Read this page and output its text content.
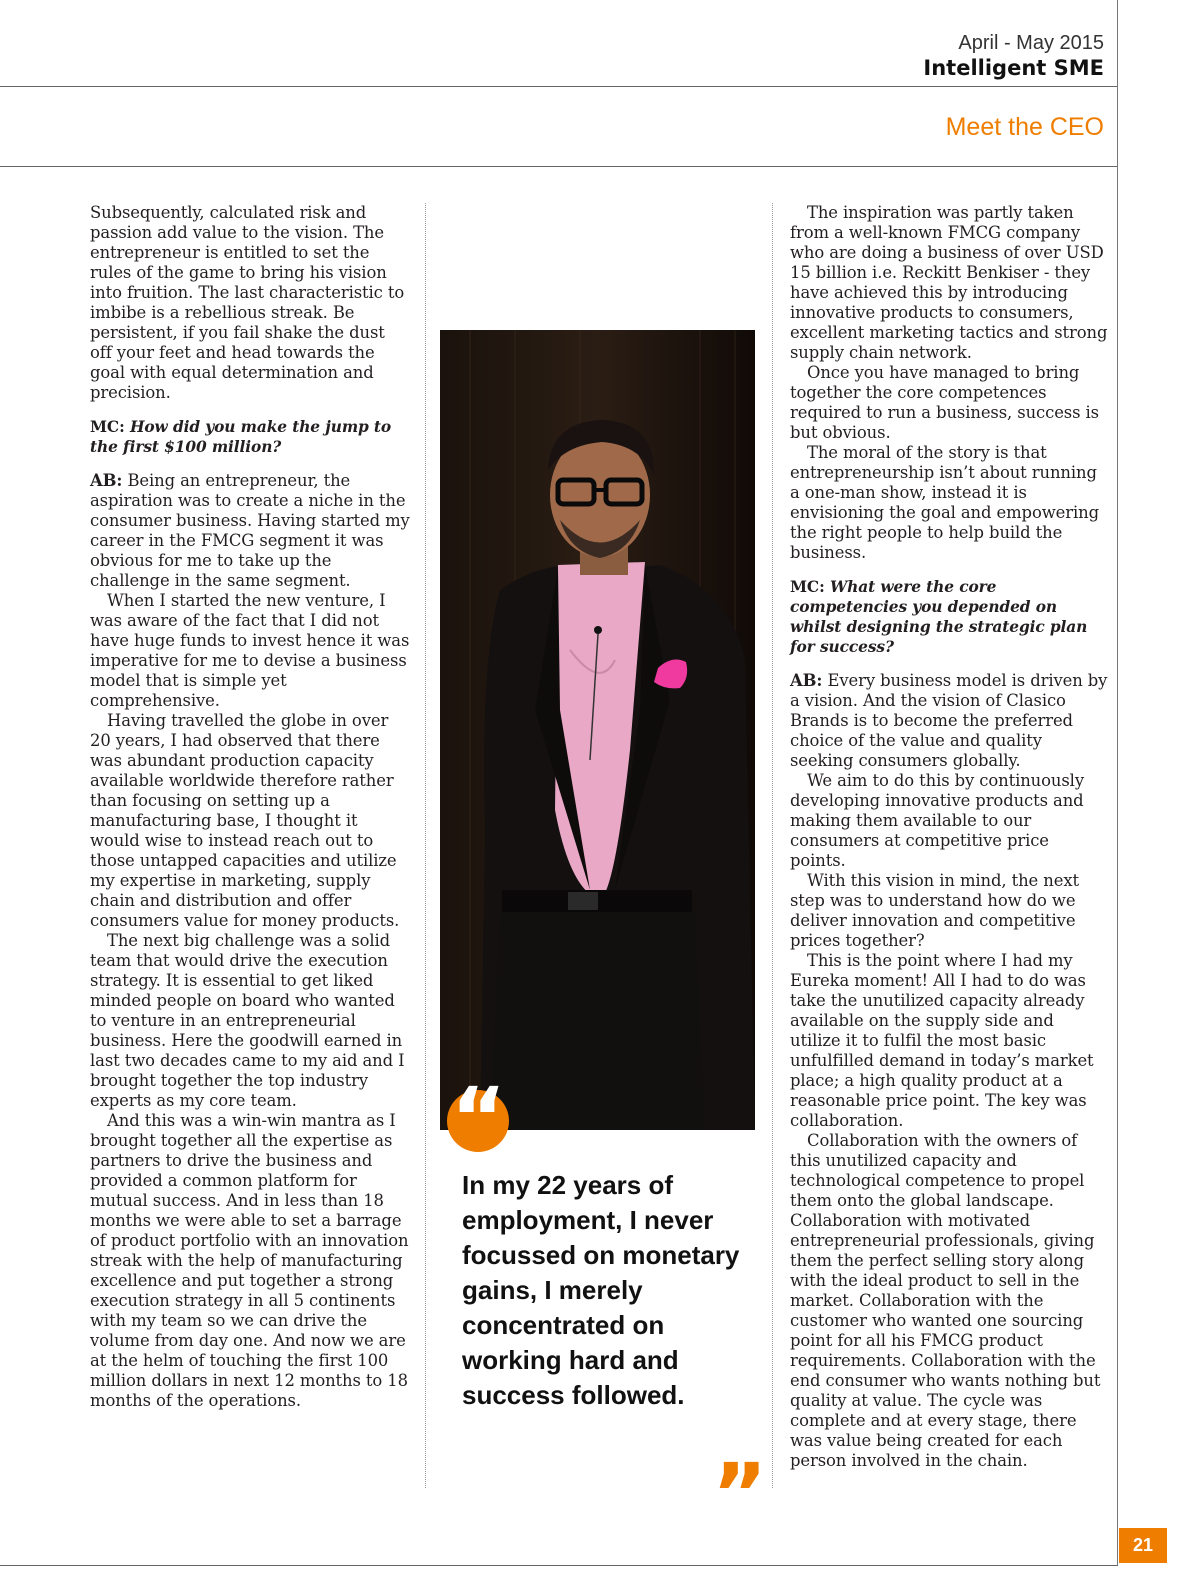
April - May 2015
Intelligent SME
Meet the CEO

Subsequently, calculated risk and passion add value to the vision. The entrepreneur is entitled to set the rules of the game to bring his vision into fruition. The last characteristic to imbibe is a rebellious streak. Be persistent, if you fail shake the dust off your feet and head towards the goal with equal determination and precision.

MC: How did you make the jump to the first $100 million?

AB: Being an entrepreneur, the aspiration was to create a niche in the consumer business. Having started my career in the FMCG segment it was obvious for me to take up the challenge in the same segment.

When I started the new venture, I was aware of the fact that I did not have huge funds to invest hence it was imperative for me to devise a business model that is simple yet comprehensive.

Having travelled the globe in over 20 years, I had observed that there was abundant production capacity available worldwide therefore rather than focusing on setting up a manufacturing base, I thought it would wise to instead reach out to those untapped capacities and utilize my expertise in marketing, supply chain and distribution and offer consumers value for money products.

The next big challenge was a solid team that would drive the execution strategy. It is essential to get liked minded people on board who wanted to venture in an entrepreneurial business. Here the goodwill earned in last two decades came to my aid and I brought together the top industry experts as my core team.

And this was a win-win mantra as I brought together all the expertise as partners to drive the business and provided a common platform for mutual success. And in less than 18 months we were able to set a barrage of product portfolio with an innovation streak with the help of manufacturing excellence and put together a strong execution strategy in all 5 continents with my team so we can drive the volume from day one. And now we are at the helm of touching the first 100 million dollars in next 12 months to 18 months of the operations.

“
In my 22 years of employment, I never focussed on monetary gains, I merely concentrated on working hard and success followed.
”

The inspiration was partly taken from a well-known FMCG company who are doing a business of over USD 15 billion i.e. Reckitt Benkiser - they have achieved this by introducing innovative products to consumers, excellent marketing tactics and strong supply chain network.

Once you have managed to bring together the core competences required to run a business, success is but obvious.

The moral of the story is that entrepreneurship isn’t about running a one-man show, instead it is envisioning the goal and empowering the right people to help build the business.

MC: What were the core competencies you depended on whilst designing the strategic plan for success?

AB: Every business model is driven by a vision. And the vision of Clasico Brands is to become the preferred choice of the value and quality seeking consumers globally.

We aim to do this by continuously developing innovative products and making them available to our consumers at competitive price points.

With this vision in mind, the next step was to understand how do we deliver innovation and competitive prices together?

This is the point where I had my Eureka moment! All I had to do was take the unutilized capacity already available on the supply side and utilize it to fulfil the most basic unfulfilled demand in today’s market place; a high quality product at a reasonable price point. The key was collaboration.

Collaboration with the owners of this unutilized capacity and technological competence to propel them onto the global landscape. Collaboration with motivated entrepreneurial professionals, giving them the perfect selling story along with the ideal product to sell in the market. Collaboration with the customer who wanted one sourcing point for all his FMCG product requirements. Collaboration with the end consumer who wants nothing but quality at value. The cycle was complete and at every stage, there was value being created for each person involved in the chain.

21
